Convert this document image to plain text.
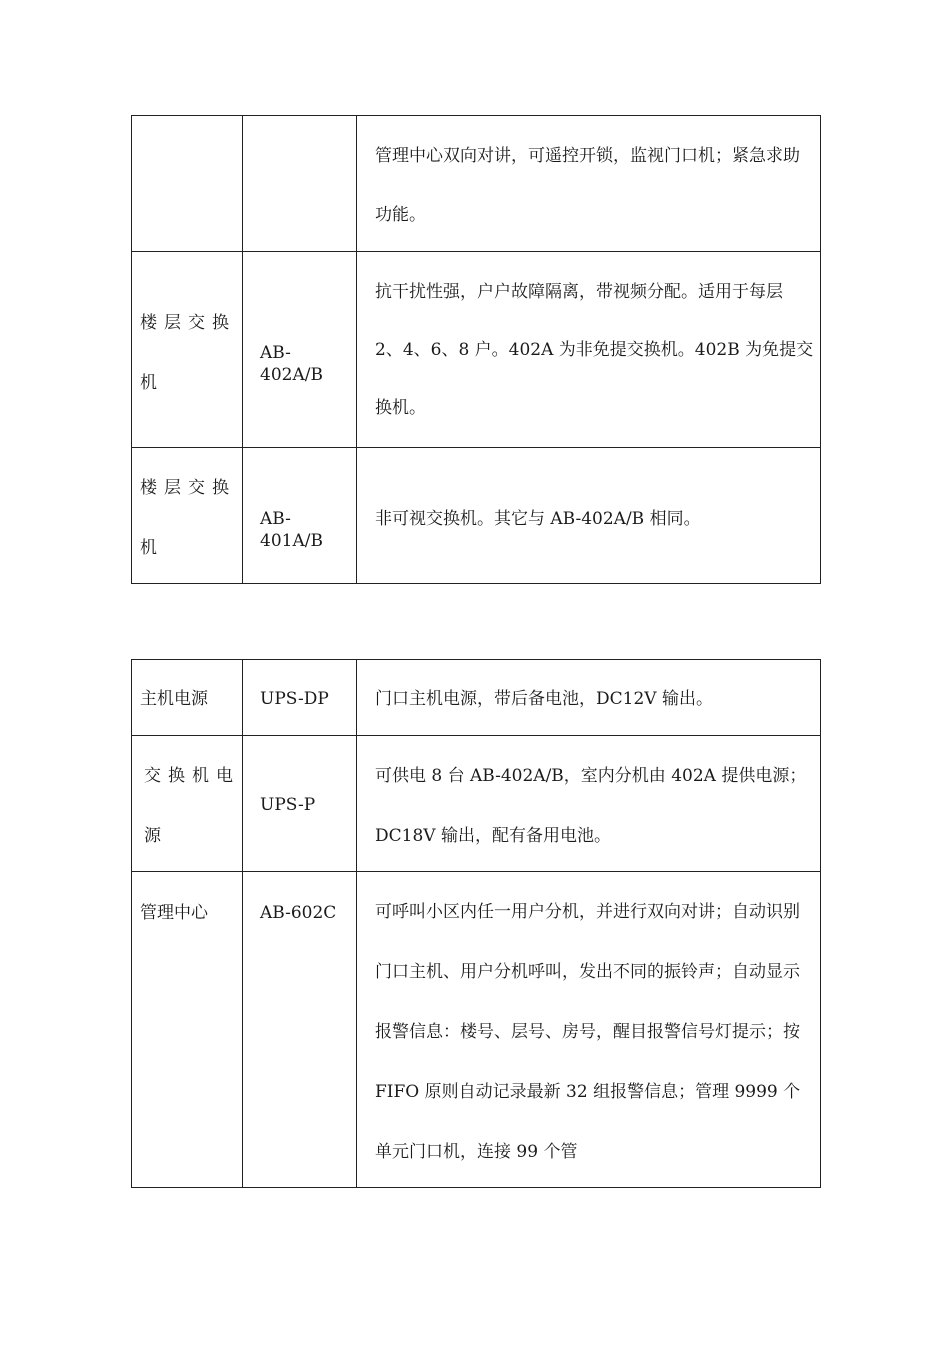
		管理中心双向对讲，可遥控开锁，监视门口机；紧急求助功能。

楼层交换机	AB-402A/B	抗干扰性强，户户故障隔离，带视频分配。适用于每层 2、4、6、8 户。402A 为非免提交换机。402B 为免提交换机。

楼层交换机	AB-401A/B	非可视交换机。其它与 AB-402A/B 相同。
主机电源	UPS-DP	门口主机电源，带后备电池，DC12V 输出。

交换机电源	UPS-P	可供电 8 台 AB-402A/B，室内分机由 402A 提供电源；DC18V 输出，配有备用电池。

管理中心	AB-602C	可呼叫小区内任一用户分机，并进行双向对讲；自动识别门口主机、用户分机呼叫，发出不同的振铃声；自动显示报警信息：楼号、层号、房号，醒目报警信号灯提示；按 FIFO 原则自动记录最新 32 组报警信息；管理 9999 个单元门口机，连接 99 个管
